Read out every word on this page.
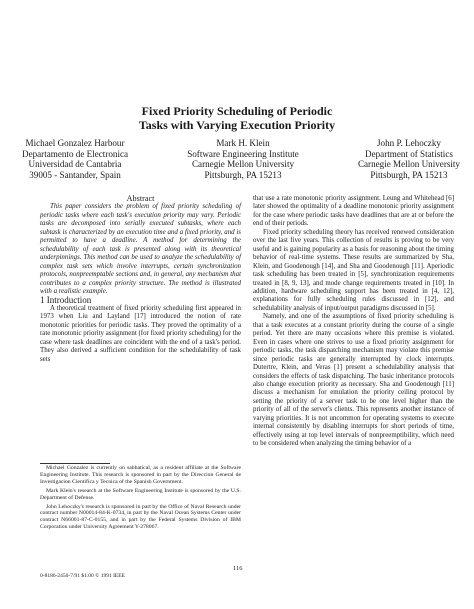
Fixed Priority Scheduling of Periodic
Tasks with Varying Execution Priority
Michael Gonzalez Harbour
Departamento de Electronica
Universidad de Cantabria
39005 - Santander, Spain
Mark H. Klein
Software Engineering Institute
Carnegie Mellon University
Pittsburgh, PA 15213
John P. Lehoczky
Department of Statistics
Carnegie Mellon University
Pittsburgh, PA 15213

Abstract

This paper considers the problem of fixed priority scheduling of periodic tasks where each task's execution priority may vary. Periodic tasks are decomposed into serially executed subtasks, where each subtask is characterized by an execution time and a fixed priority, and is permitted to have a deadline. A method for determining the schedulability of each task is presented along with its theoretical underpinnings. This method can be used to analyze the schedulability of complex task sets which involve interrupts, certain synchronization protocols, nonpreemptable sections and, in general, any mechanism that contributes to a complex priority structure. The method is illustrated with a realistic example.

1 Introduction

A theoretical treatment of fixed priority scheduling first appeared in 1973 when Liu and Layland [17] introduced the notion of rate monotonic priorities for periodic tasks. They proved the optimality of a rate monotonic priority assignment (for fixed priority scheduling) for the case where task deadlines are coincident with the end of a task's period. They also derived a sufficient condition for the schedulability of task sets

that use a rate monotonic priority assignment. Leung and Whitehead [6] later showed the optimality of a deadline monotonic priority assignment for the case where periodic tasks have deadlines that are at or before the end of their periods.

Fixed priority scheduling theory has received renewed consideration over the last five years. This collection of results is proving to be very useful and is gaining popularity as a basis for reasoning about the timing behavior of real-time systems. These results are summarized by Sha, Klein, and Goodenough [14], and Sha and Goodenough [11]. Aperiodic task scheduling has been treated in [5], synchronization requirements treated in [8, 9, 13], and mode change requirements treated in [10]. In addition, hardware scheduling support has been treated in [4, 12], explanations for fully scheduling rules discussed in [12], and schedulability analysis of input/output paradigms discussed in [5].

Namely, and one of the assumptions of fixed priority scheduling is that a task executes at a constant priority during the course of a single period. Yet there are many occasions where this premise is violated. Even in cases where one strives to use a fixed priority assignment for periodic tasks, the task dispatching mechanism may violate this premise since periodic tasks are generally interrupted by clock interrupts. Dutertre, Klein, and Veras [1] present a schedulability analysis that considers the effects of task dispatching. The basic inheritance protocols also change execution priority as necessary. Sha and Goodenough [11] discuss a mechanism for emulation the priority ceiling protocol by setting the priority of a server task to be one level higher than the priority of all of the server's clients. This represents another instance of varying priorities. It is not uncommon for operating systems to execute internal consistently by disabling interrupts for short periods of time, effectively using at top level intervals of nonpreemptibility, which need to be considered when analyzing the timing behavior of a

Michael Gonzalez is currently on sabbatical, as a resident affiliate at the Software Engineering Institute. This research is sponsored in part by the Direccion General de Investigacion Cientifica y Tecnica of the Spanish Government.

Mark Klein's research at the Software Engineering Institute is sponsored by the U.S. Department of Defense.

John Lehoczky's research is sponsored in part by the Office of Naval Research under contract number N00014-84-K-0734, in part by the Naval Ocean Systems Center under contract N66001-87-C-0155, and in part by the Federal Systems Division of IBM Corporation under University Agreement Y-278067.

0-8186-2450-7/91 $1.00 © 1991 IEEE
116
